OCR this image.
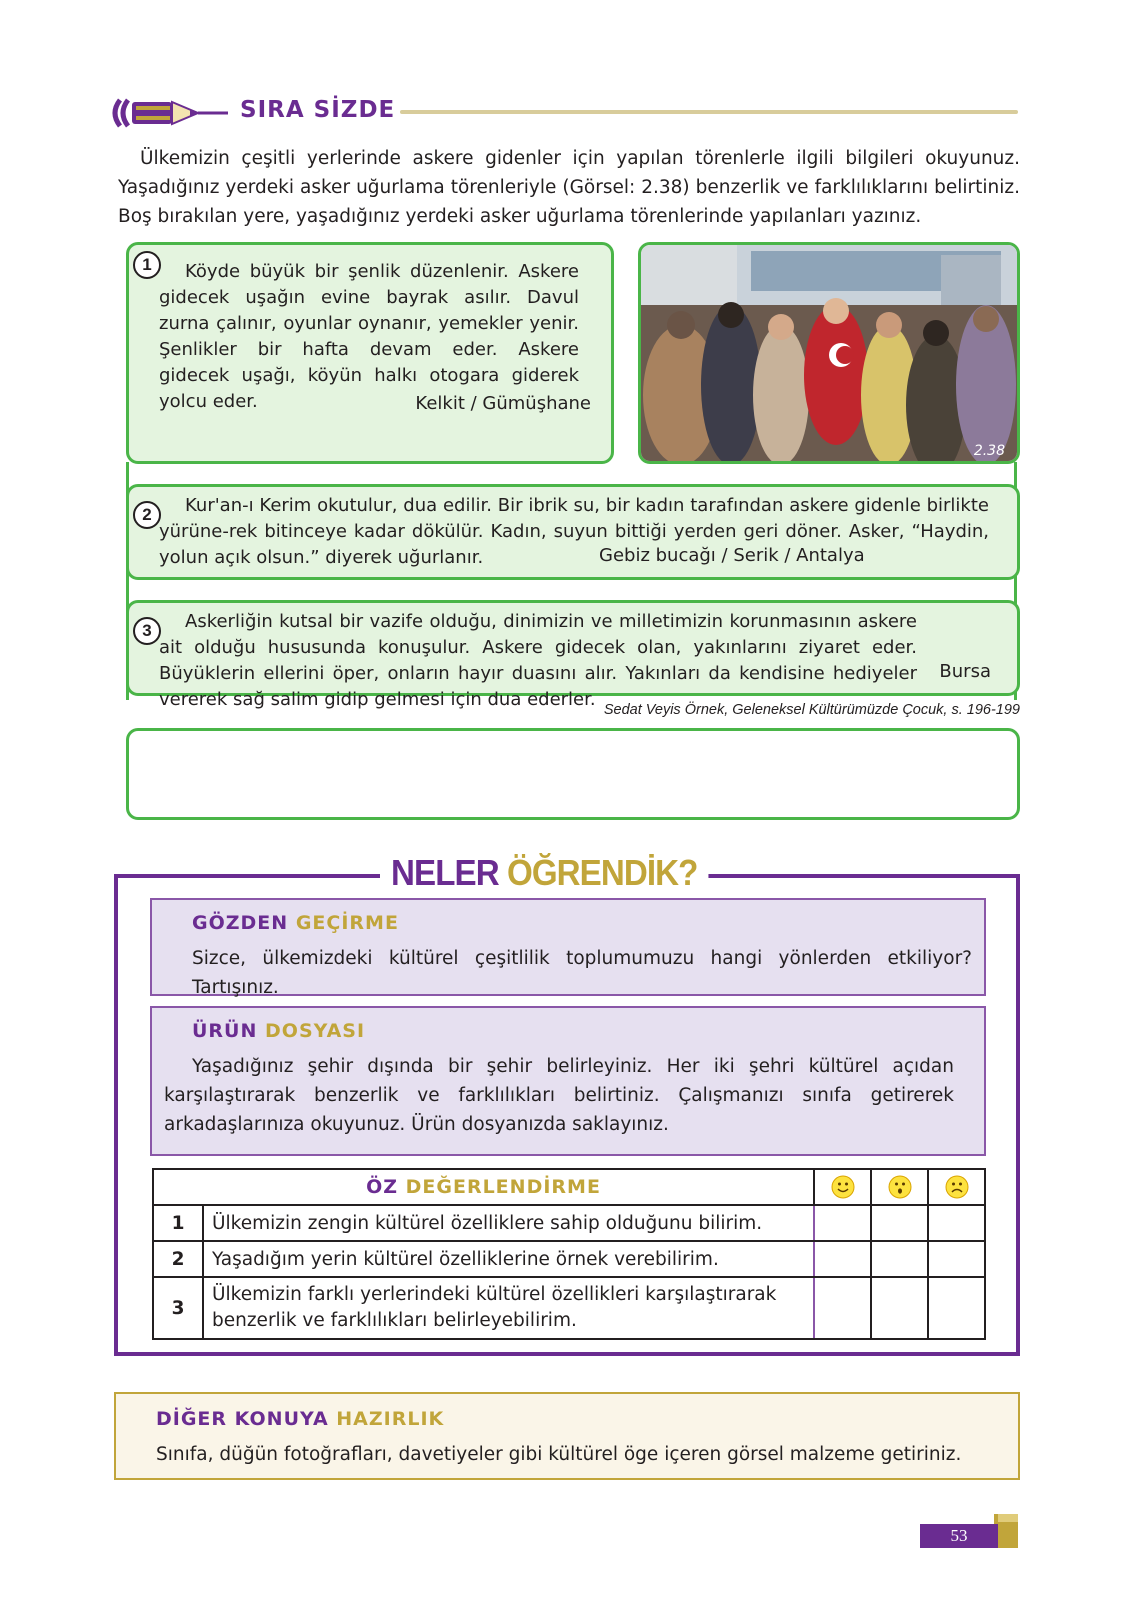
SIRA SİZDE
Ülkemizin çeşitli yerlerinde askere gidenler için yapılan törenlerle ilgili bilgileri okuyunuz. Yaşadığınız yerdeki asker uğurlama törenleriyle (Görsel: 2.38) benzerlik ve farklılıklarını belirtiniz. Boş bırakılan yere, yaşadığınız yerdeki asker uğurlama törenlerinde yapılanları yazınız.
1	Köyde büyük bir şenlik düzenlenir. Askere gidecek uşağın evine bayrak asılır. Davul zurna çalınır, oyunlar oynanır, yemekler yenir. Şenlikler bir hafta devam eder. Askere gidecek uşağı, köyün halkı otogara giderek yolcu eder.	Kelkit / Gümüşhane
2.38
2	Kur'an-ı Kerim okutulur, dua edilir. Bir ibrik su, bir kadın tarafından askere gidenle birlikte yürüne-rek bitinceye kadar dökülür. Kadın, suyun bittiği yerden geri döner. Asker, “Haydin, yolun açık olsun.” diyerek uğurlanır.	Gebiz bucağı / Serik / Antalya
3	Askerliğin kutsal bir vazife olduğu, dinimizin ve milletimizin korunmasının askere ait olduğu hususunda konuşulur. Askere gidecek olan, yakınlarını ziyaret eder. Büyüklerin ellerini öper, onların hayır duasını alır. Yakınları da kendisine hediyeler vererek sağ salim gidip gelmesi için dua ederler.
Bursa
Sedat Veyis Örnek, Geleneksel Kültürümüzde Çocuk, s. 196-199
NELER ÖĞRENDİK?
GÖZDEN GEÇİRME
Sizce, ülkemizdeki kültürel çeşitlilik toplumumuzu hangi yönlerden etkiliyor? Tartışınız.
ÜRÜN DOSYASI
Yaşadığınız şehir dışında bir şehir belirleyiniz. Her iki şehri kültürel açıdan karşılaştırarak benzerlik ve farklılıkları belirtiniz. Çalışmanızı sınıfa getirerek arkadaşlarınıza okuyunuz. Ürün dosyanızda saklayınız.
ÖZ DEĞERLENDİRME			
1	Ülkemizin zengin kültürel özelliklere sahip olduğunu bilirim.			
2	Yaşadığım yerin kültürel özelliklerine örnek verebilirim.			
3	Ülkemizin farklı yerlerindeki kültürel özellikleri karşılaştırarak benzerlik ve farklılıkları belirleyebilirim.			
DİĞER KONUYA HAZIRLIK
Sınıfa, düğün fotoğrafları, davetiyeler gibi kültürel öge içeren görsel malzeme getiriniz.
53
